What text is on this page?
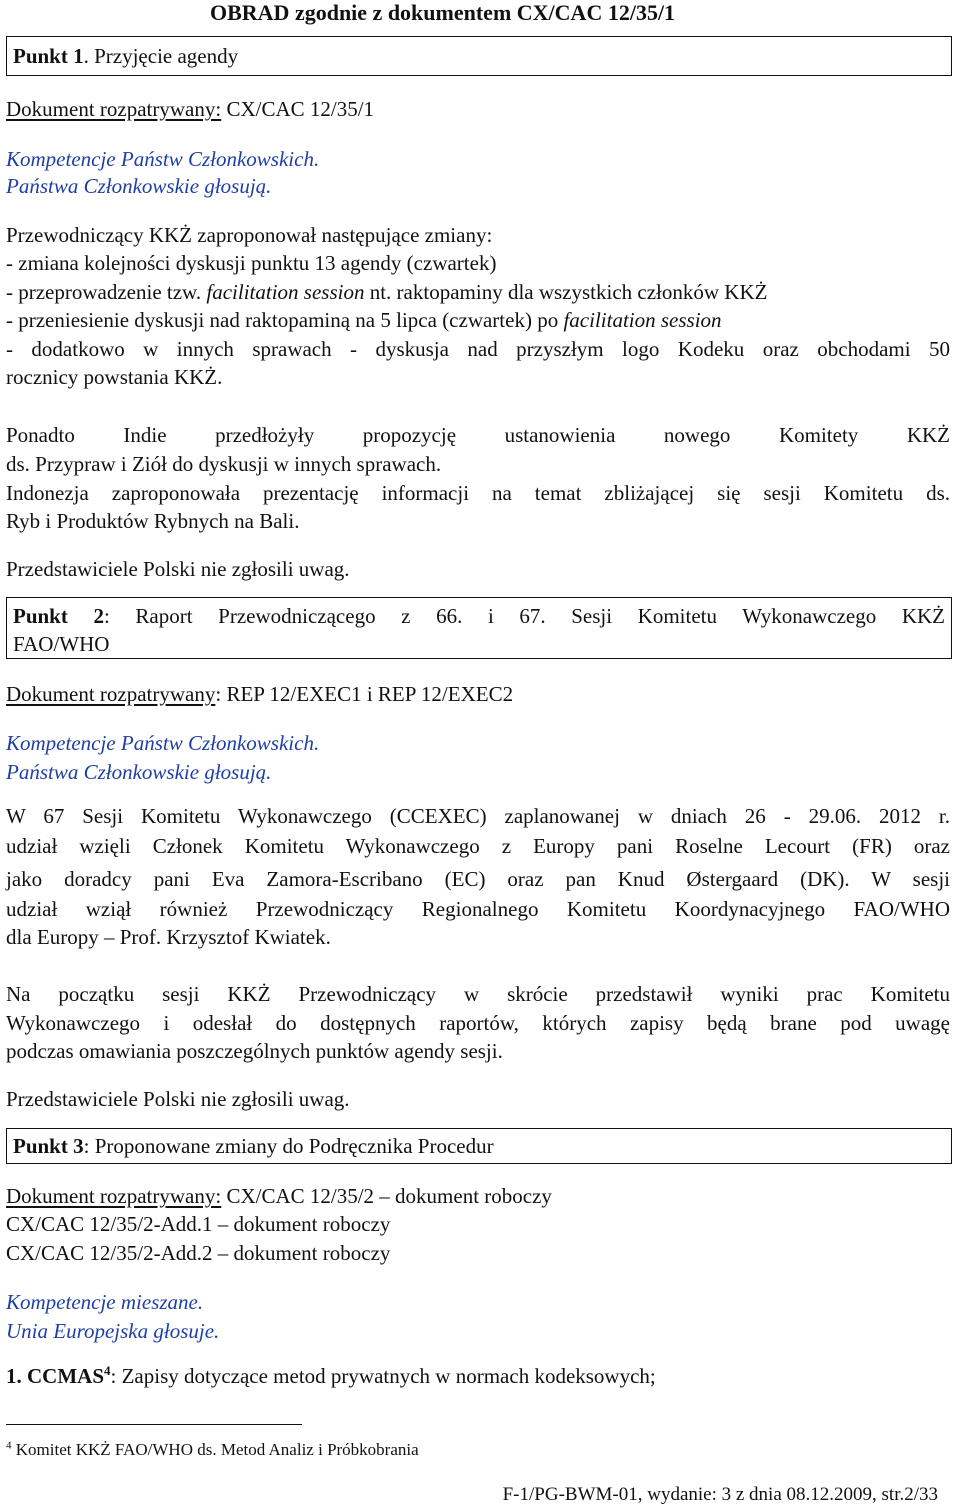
OBRAD zgodnie z dokumentem CX/CAC 12/35/1
Punkt 1. Przyjęcie agendy
Dokument rozpatrywany: CX/CAC 12/35/1
Kompetencje Państw Członkowskich.
Państwa Członkowskie głosują.
Przewodniczący KKŻ zaproponował następujące zmiany:
- zmiana kolejności dyskusji punktu 13 agendy (czwartek)
- przeprowadzenie tzw. facilitation session nt. raktopaminy dla wszystkich członków KKŻ
- przeniesienie dyskusji nad raktopaminą na 5 lipca (czwartek) po facilitation session
- dodatkowo w innych sprawach - dyskusja nad przyszłym logo Kodeku oraz obchodami 50
rocznicy powstania KKŻ.
Ponadto Indie przedłożyły propozycję ustanowienia nowego Komitety KKŻ
ds. Przypraw i Ziół do dyskusji w innych sprawach.
Indonezja zaproponowała prezentację informacji na temat zbliżającej się sesji Komitetu ds.
Ryb i Produktów Rybnych na Bali.
Przedstawiciele Polski nie zgłosili uwag.
Punkt 2: Raport Przewodniczącego z 66. i 67. Sesji Komitetu Wykonawczego KKŻ
FAO/WHO
Dokument rozpatrywany: REP 12/EXEC1 i REP 12/EXEC2
Kompetencje Państw Członkowskich.
Państwa Członkowskie głosują.
W 67 Sesji Komitetu Wykonawczego (CCEXEC) zaplanowanej w dniach 26 - 29.06. 2012 r.
udział wzięli Członek Komitetu Wykonawczego z Europy pani Roselne Lecourt (FR) oraz
jako doradcy pani Eva Zamora-Escribano (EC) oraz pan Knud Østergaard (DK). W sesji
udział wziął również Przewodniczący Regionalnego Komitetu Koordynacyjnego FAO/WHO
dla Europy – Prof. Krzysztof Kwiatek.
Na początku sesji KKŻ Przewodniczący w skrócie przedstawił wyniki prac Komitetu
Wykonawczego i odesłał do dostępnych raportów, których zapisy będą brane pod uwagę
podczas omawiania poszczególnych punktów agendy sesji.
Przedstawiciele Polski nie zgłosili uwag.
Punkt 3: Proponowane zmiany do Podręcznika Procedur
Dokument rozpatrywany: CX/CAC 12/35/2 – dokument roboczy
CX/CAC 12/35/2-Add.1 – dokument roboczy
CX/CAC 12/35/2-Add.2 – dokument roboczy
Kompetencje mieszane.
Unia Europejska głosuje.
1. CCMAS$^4$: Zapisy dotyczące metod prywatnych w normach kodeksowych;
$^4$ Komitet KKŻ FAO/WHO ds. Metod Analiz i Próbkobrania
F-1/PG-BWM-01, wydanie: 3 z dnia 08.12.2009, str.2/33
